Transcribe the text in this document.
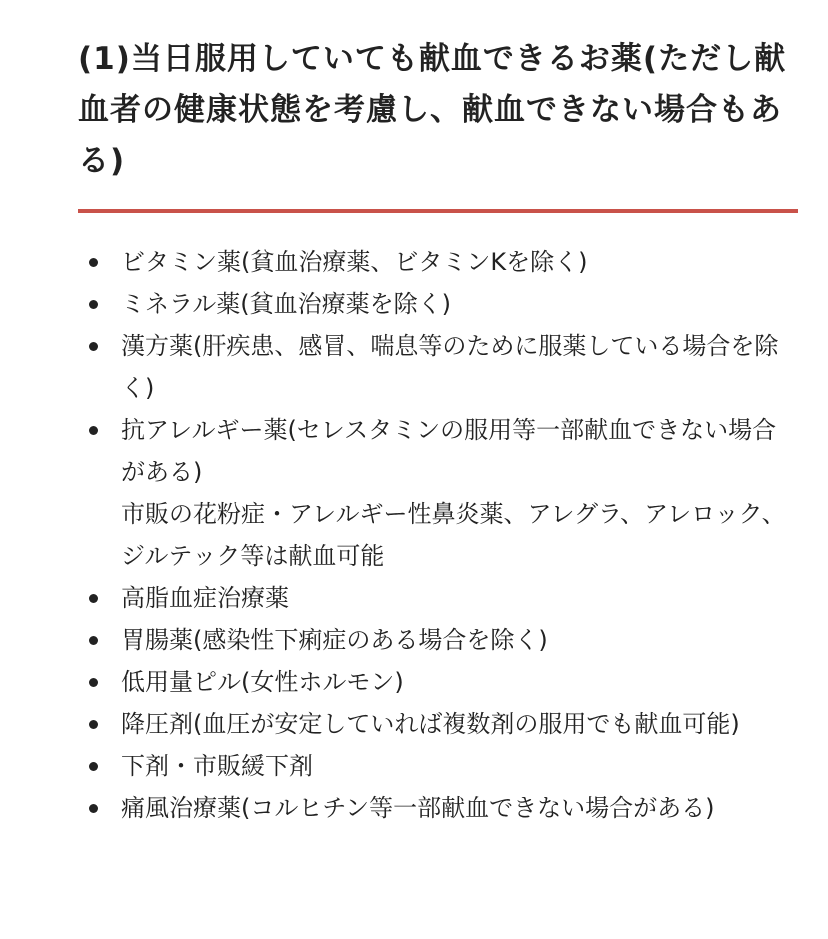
(1)当日服用していても献血できるお薬(ただし献血者の健康状態を考慮し、献血できない場合もある)
ビタミン薬(貧血治療薬、ビタミンKを除く)
ミネラル薬(貧血治療薬を除く)
漢方薬(肝疾患、感冒、喘息等のために服薬している場合を除く)
抗アレルギー薬(セレスタミンの服用等一部献血できない場合がある)
市販の花粉症・アレルギー性鼻炎薬、アレグラ、アレロック、ジルテック等は献血可能
高脂血症治療薬
胃腸薬(感染性下痢症のある場合を除く)
低用量ピル(女性ホルモン)
降圧剤(血圧が安定していれば複数剤の服用でも献血可能)
下剤・市販緩下剤
痛風治療薬(コルヒチン等一部献血できない場合がある)
